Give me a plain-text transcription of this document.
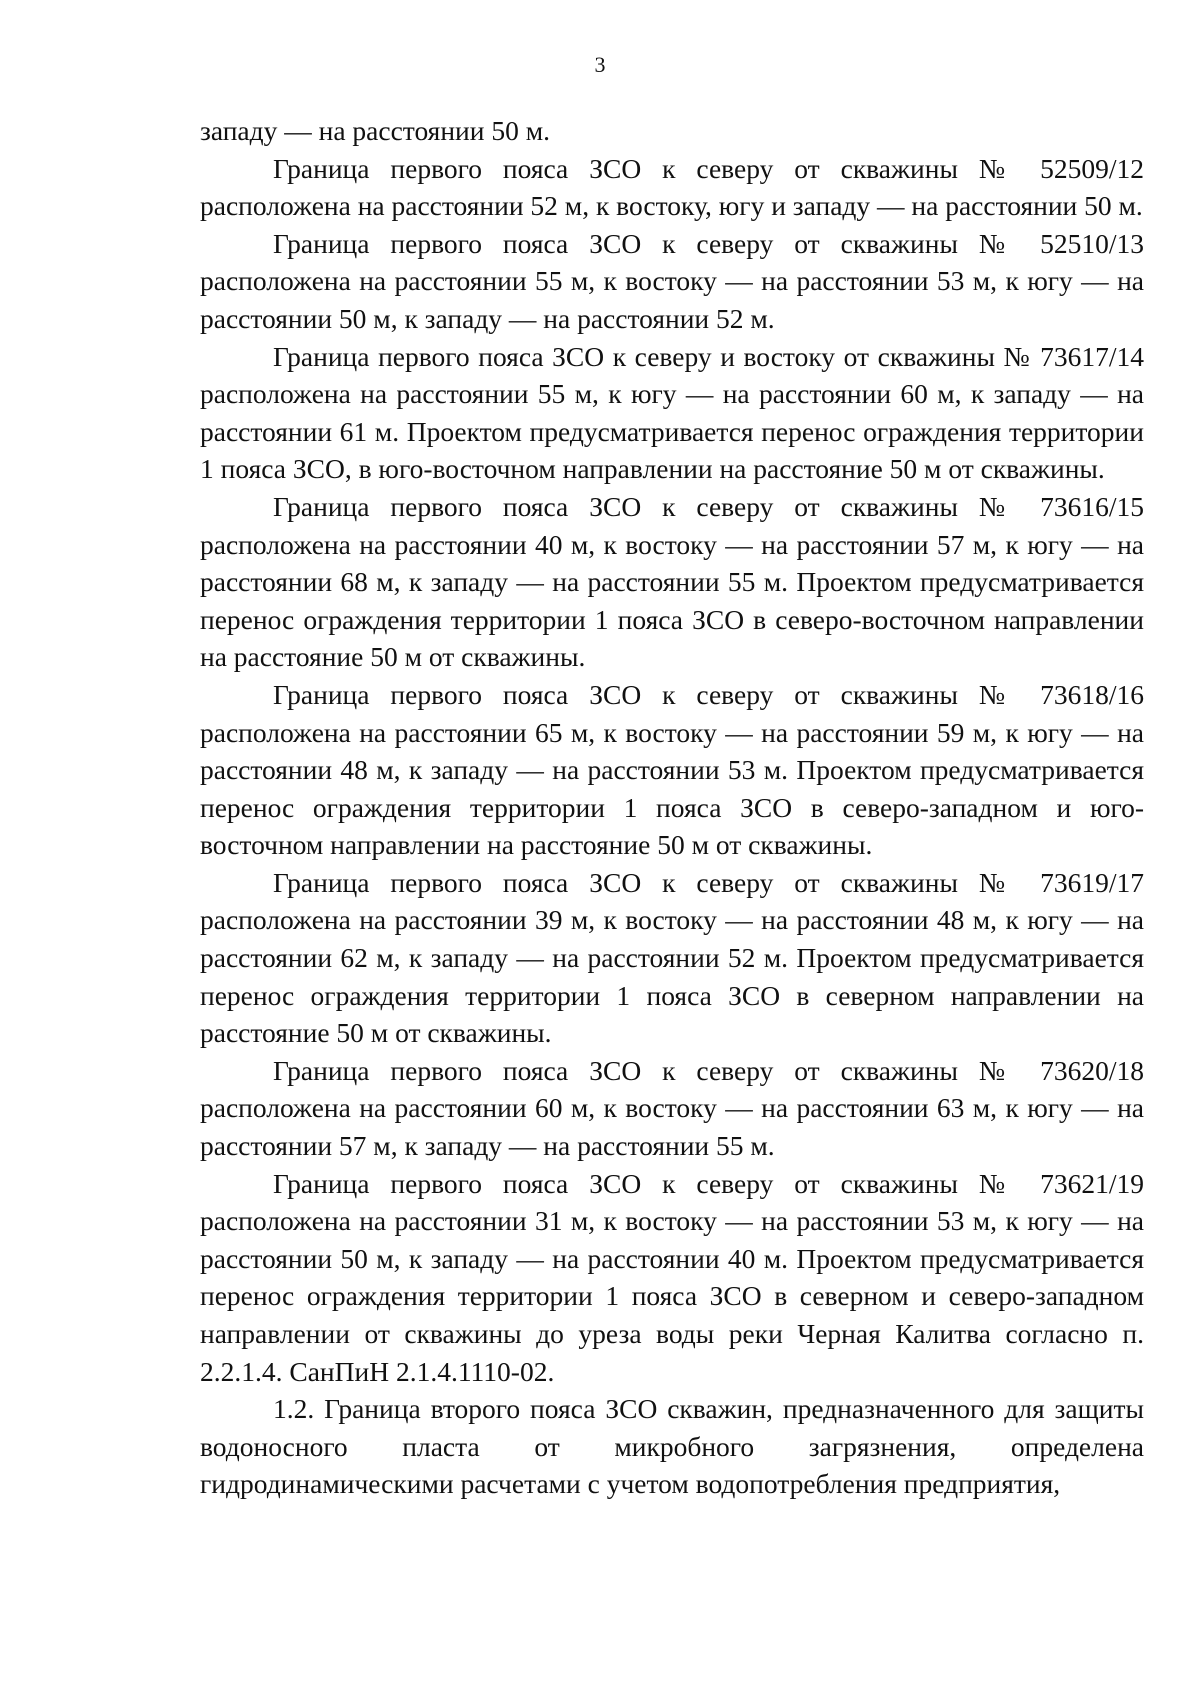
3

западу — на расстоянии 50 м.

Граница первого пояса ЗСО к северу от скважины № 52509/12 расположена на расстоянии 52 м, к востоку, югу и западу — на расстоянии 50 м.

Граница первого пояса ЗСО к северу от скважины № 52510/13 расположена на расстоянии 55 м, к востоку — на расстоянии 53 м, к югу — на расстоянии 50 м, к западу — на расстоянии 52 м.

Граница первого пояса ЗСО к северу и востоку от скважины № 73617/14 расположена на расстоянии 55 м, к югу — на расстоянии 60 м, к западу — на расстоянии 61 м. Проектом предусматривается перенос ограждения территории 1 пояса ЗСО, в юго-восточном направлении на расстояние 50 м от скважины.

Граница первого пояса ЗСО к северу от скважины № 73616/15 расположена на расстоянии 40 м, к востоку — на расстоянии 57 м, к югу — на расстоянии 68 м, к западу — на расстоянии 55 м. Проектом предусматривается перенос ограждения территории 1 пояса ЗСО в северо-восточном направлении на расстояние 50 м от скважины.

Граница первого пояса ЗСО к северу от скважины № 73618/16 расположена на расстоянии 65 м, к востоку — на расстоянии 59 м, к югу — на расстоянии 48 м, к западу — на расстоянии 53 м. Проектом предусматривается перенос ограждения территории 1 пояса ЗСО в северо-западном и юго-восточном направлении на расстояние 50 м от скважины.

Граница первого пояса ЗСО к северу от скважины № 73619/17 расположена на расстоянии 39 м, к востоку — на расстоянии 48 м, к югу — на расстоянии 62 м, к западу — на расстоянии 52 м. Проектом предусматривается перенос ограждения территории 1 пояса ЗСО в северном направлении на расстояние 50 м от скважины.

Граница первого пояса ЗСО к северу от скважины № 73620/18 расположена на расстоянии 60 м, к востоку — на расстоянии 63 м, к югу — на расстоянии 57 м, к западу — на расстоянии 55 м.

Граница первого пояса ЗСО к северу от скважины № 73621/19 расположена на расстоянии 31 м, к востоку — на расстоянии 53 м, к югу — на расстоянии 50 м, к западу — на расстоянии 40 м. Проектом предусматривается перенос ограждения территории 1 пояса ЗСО в северном и северо-западном направлении от скважины до уреза воды реки Черная Калитва согласно п. 2.2.1.4. СанПиН 2.1.4.1110-02.

1.2. Граница второго пояса ЗСО скважин, предназначенного для защиты водоносного пласта от микробного загрязнения, определена гидродинамическими расчетами с учетом водопотребления предприятия,
